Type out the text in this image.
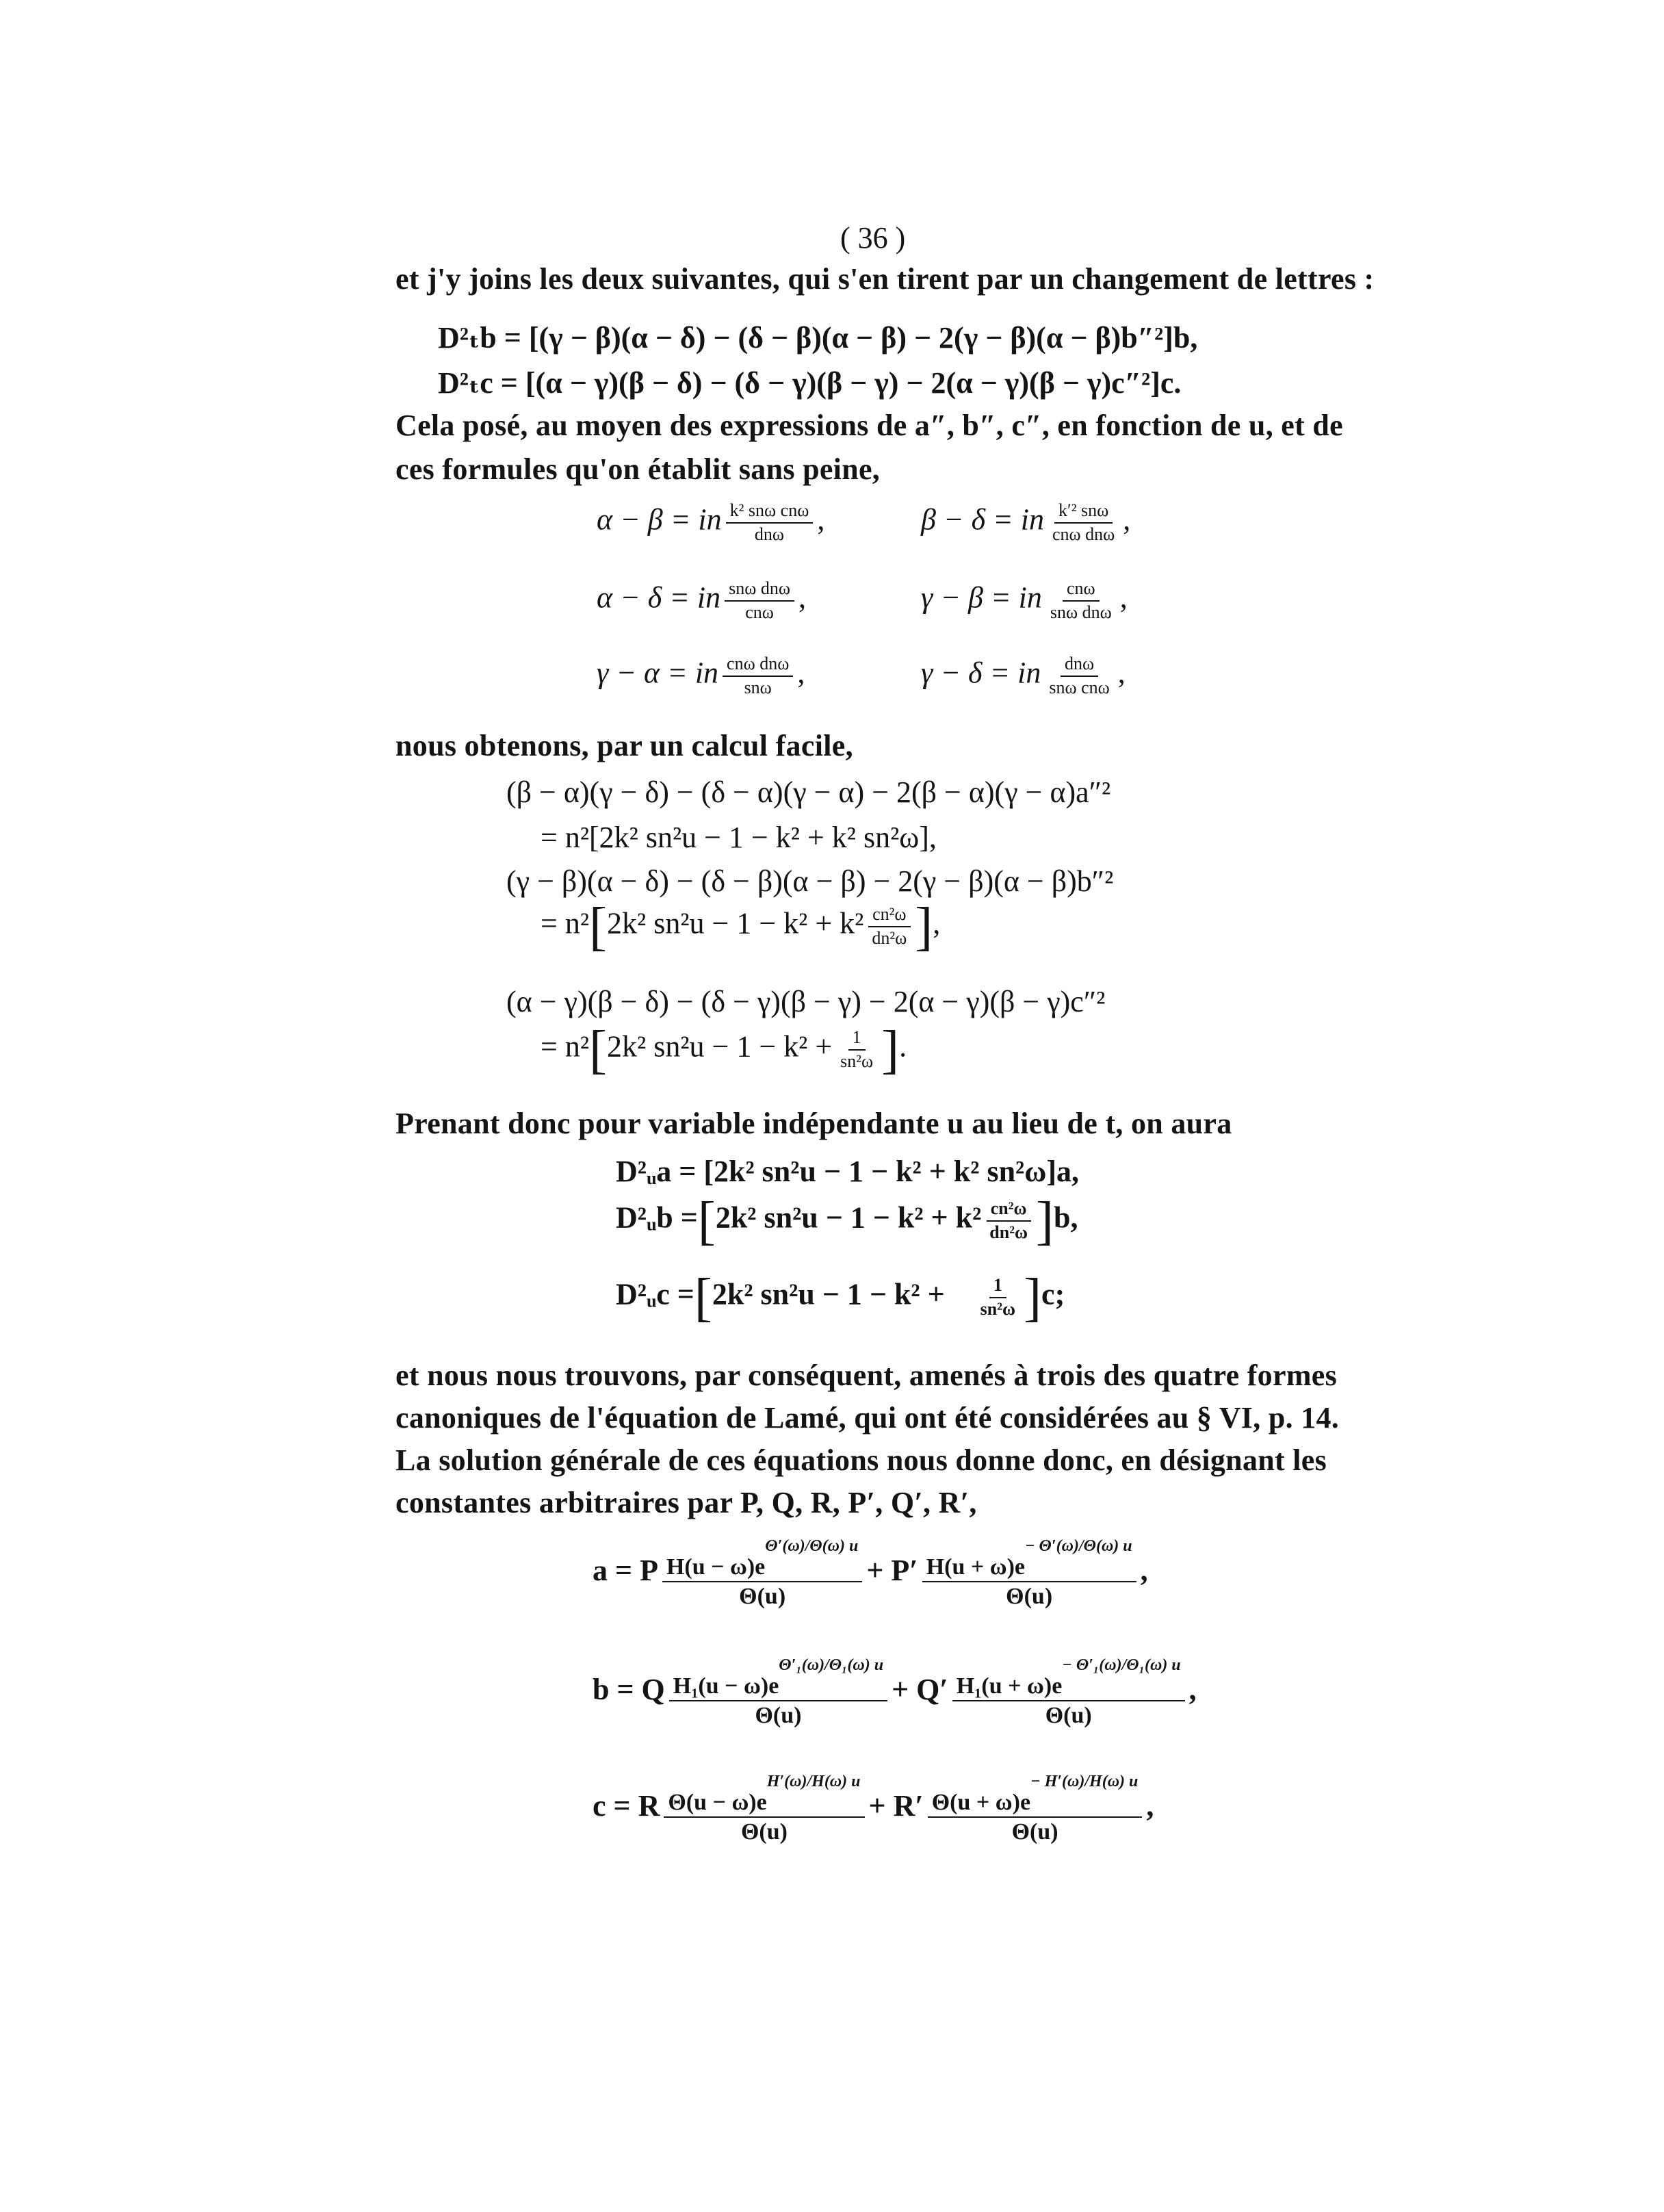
( 36 )
et j'y joins les deux suivantes, qui s'en tirent par un changement de lettres :
D²ₜb = [(γ − β)(α − δ) − (δ − β)(α − β) − 2(γ − β)(α − β)b″²]b,
D²ₜc = [(α − γ)(β − δ) − (δ − γ)(β − γ) − 2(α − γ)(β − γ)c″²]c.
Cela posé, au moyen des expressions de a″, b″, c″, en fonction de u, et de
ces formules qu'on établit sans peine,
α − β = in $\frac{\text{k² snω cnω}}{\text{dnω}}$ ,	β − δ = in $\frac{\text{k′² snω}}{\text{cnω dnω}}$ ,
α − δ = in $\frac{\text{snω dnω}}{\text{cnω}}$ ,	γ − β = in $\frac{\text{cnω}}{\text{snω dnω}}$ ,
γ − α = in $\frac{\text{cnω dnω}}{\text{snω}}$ ,	γ − δ = in $\frac{\text{dnω}}{\text{snω cnω}}$ ,
nous obtenons, par un calcul facile,
(β − α)(γ − δ) − (δ − α)(γ − α) − 2(β − α)(γ − α)a″²
= n²[2k² sn²u − 1 − k² + k² sn²ω],
(γ − β)(α − δ) − (δ − β)(α − β) − 2(γ − β)(α − β)b″²
= n²[2k² $sn^2u - 1 - k^2 + k^2 \frac{\text{cn²ω}}{\text{dn²ω}}$ ],
(α − γ)(β − δ) − (δ − γ)(β − γ) − 2(α − γ)(β − γ)c″²
= n²[2k² $sn^2u - 1 - k^2 + \frac{1}{\text{sn²ω}}$ ].
Prenant donc pour variable indépendante u au lieu de t, on aura
D²ᵤa = [2k² sn²u − 1 − k² + k² sn²ω]a,
D²ᵤb =[2k² $sn^2u - 1 - k^2 + k^2 \frac{\text{cn²ω}}{\text{dn²ω}} ]b$,
D²ᵤc =[2k² $sn^2u - 1 - k^2 + \frac{1}{\text{sn²ω}} ]c$;
et nous nous trouvons, par conséquent, amenés à trois des quatre formes
canoniques de l'équation de Lamé, qui ont été considérées au § VI, p. 14.
La solution générale de ces équations nous donne donc, en désignant les
constantes arbitraires par P, Q, R, P′, Q′, R′,
a = P $\frac{H(u - \omega)e^{\Theta'(\omega)/\Theta(\omega) u}}{\Theta(u)} + P' \frac{H(u + \omega)e^{- \Theta'(\omega)/\Theta(\omega) u}}{\Theta(u)}$ ,
b = Q $\frac{H_1(u - \omega)e^{\Theta'_1(\omega)/\Theta_1(\omega) u}}{\Theta(u)} + Q' \frac{H_1(u + \omega)e^{- \Theta'_1(\omega)/\Theta_1(\omega) u}}{\Theta(u)}$ ,
c = R $\frac{\Theta(u - \omega)e^{H'(\omega)/H(\omega) u}}{\Theta(u)} + R' \frac{\Theta(u + \omega)e^{- H'(\omega)/H(\omega) u}}{\Theta(u)}$ ,
